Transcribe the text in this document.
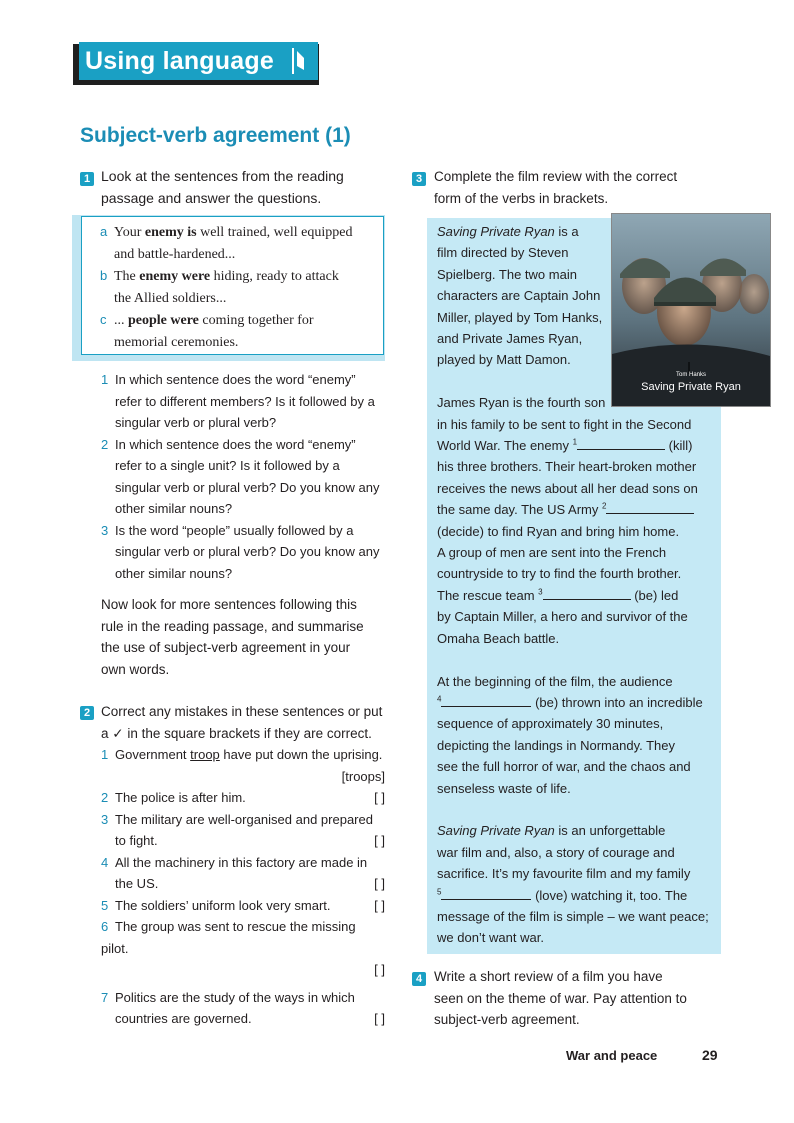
Using language
Subject-verb agreement (1)
1 Look at the sentences from the reading
passage and answer the questions.
a Your enemy is well trained, well equipped
and battle-hardened...
b The enemy were hiding, ready to attack
the Allied soldiers...
c ... people were coming together for
memorial ceremonies.
1 In which sentence does the word “enemy”
refer to different members? Is it followed by a
singular verb or plural verb?
2 In which sentence does the word “enemy”
refer to a single unit? Is it followed by a
singular verb or plural verb? Do you know any
other similar nouns?
3 Is the word “people” usually followed by a
singular verb or plural verb? Do you know any
other similar nouns?
Now look for more sentences following this
rule in the reading passage, and summarise
the use of subject-verb agreement in your
own words.
2 Correct any mistakes in these sentences or put
a ✓ in the square brackets if they are correct.
1 Government troop have put down the uprising.
[troops]
2 The police is after him.	[ ]
3 The military are well-organised and prepared
to fight.	[ ]
4 All the machinery in this factory are made in
the US.	[ ]
5 The soldiers’ uniform look very smart.	[ ]
6 The group was sent to rescue the missing pilot.
[ ]
7 Politics are the study of the ways in which
countries are governed.	[ ]
3 Complete the film review with the correct
form of the verbs in brackets.
Tom Hanks
Saving Private Ryan
Saving Private Ryan is a
film directed by Steven
Spielberg. The two main
characters are Captain John
Miller, played by Tom Hanks,
and Private James Ryan,
played by Matt Damon.
James Ryan is the fourth son
in his family to be sent to fight in the Second
World War. The enemy $^1$	(kill)
his three brothers. Their heart-broken mother
receives the news about all her dead sons on
the same day. The US Army $^2$
(decide) to find Ryan and bring him home.
A group of men are sent into the French
countryside to try to find the fourth brother.
The rescue team $^3$	(be) led
by Captain Miller, a hero and survivor of the
Omaha Beach battle.
At the beginning of the film, the audience
$^4$	(be) thrown into an incredible
sequence of approximately 30 minutes,
depicting the landings in Normandy. They
see the full horror of war, and the chaos and
senseless waste of life.
Saving Private Ryan is an unforgettable
war film and, also, a story of courage and
sacrifice. It’s my favourite film and my family
$^5$	(love) watching it, too. The
message of the film is simple – we want peace;
we don’t want war.
4 Write a short review of a film you have
seen on the theme of war. Pay attention to
subject-verb agreement.
War and peace	29
